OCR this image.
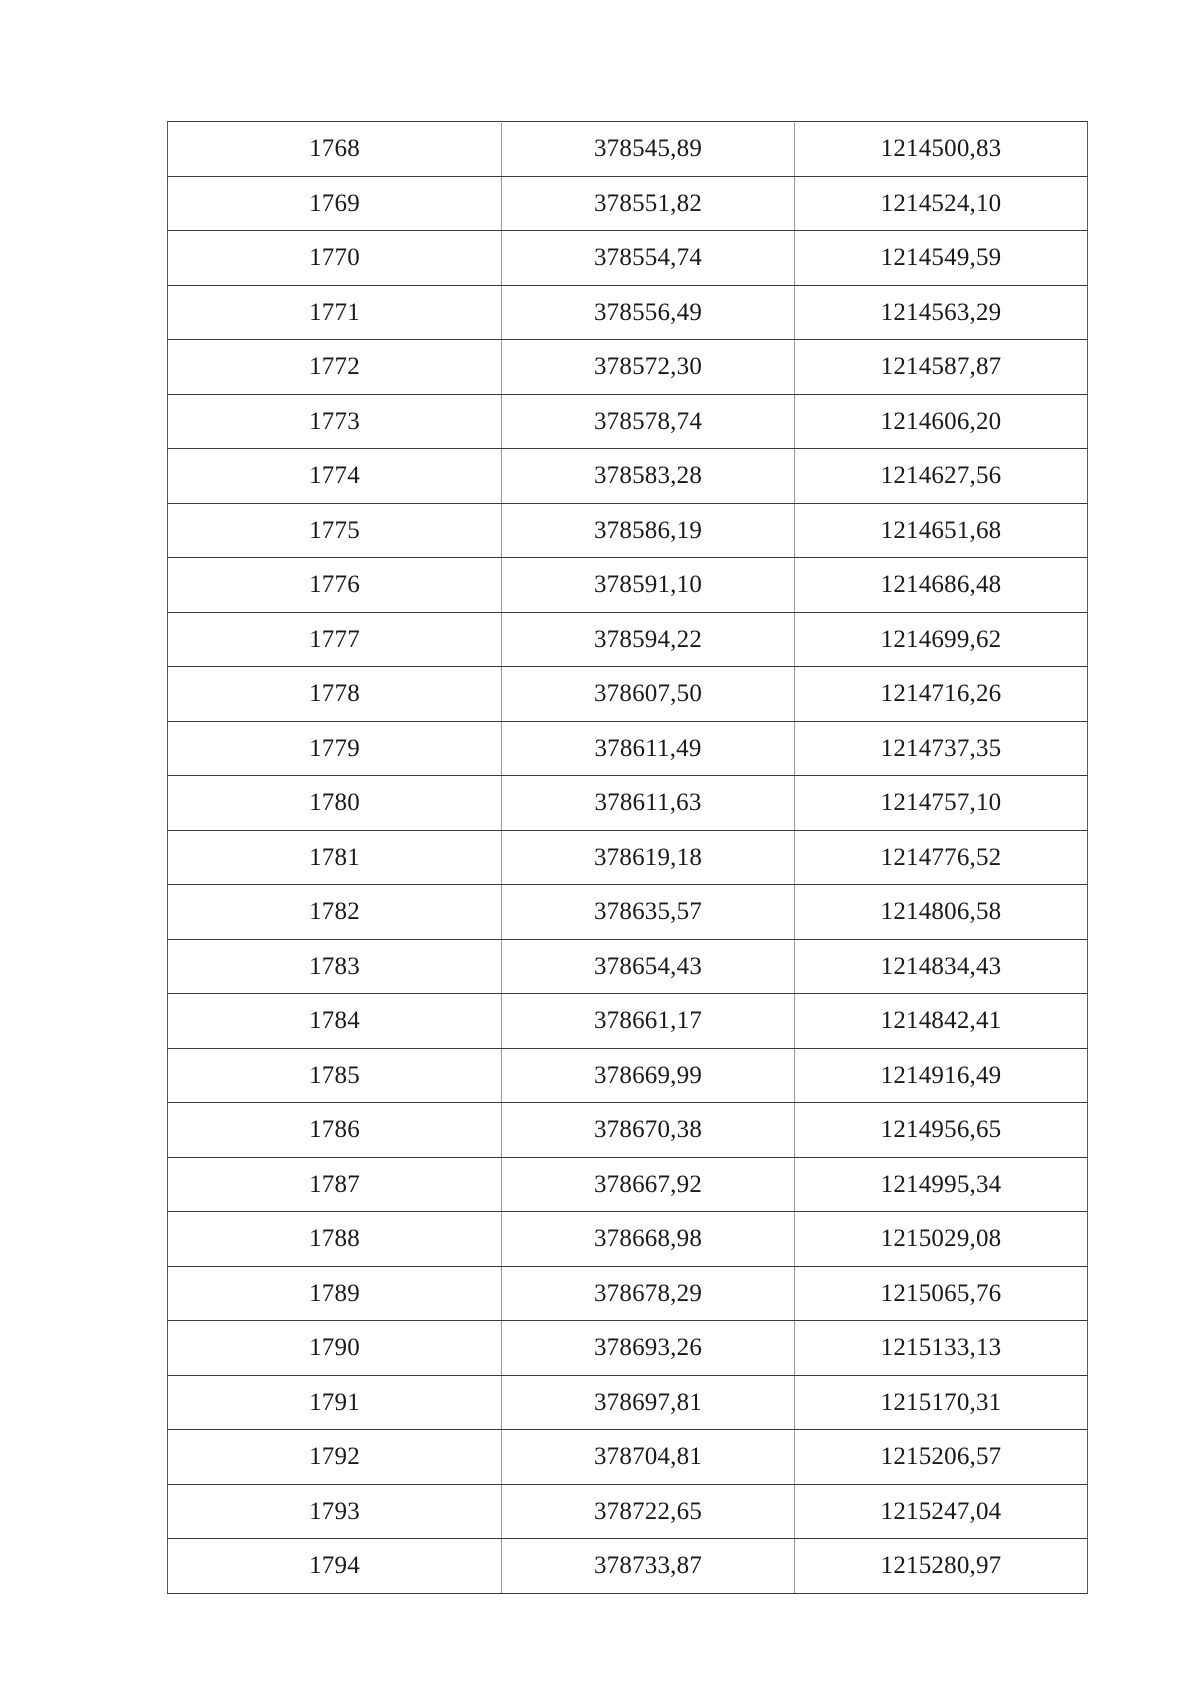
1768	378545,89	1214500,83
1769	378551,82	1214524,10
1770	378554,74	1214549,59
1771	378556,49	1214563,29
1772	378572,30	1214587,87
1773	378578,74	1214606,20
1774	378583,28	1214627,56
1775	378586,19	1214651,68
1776	378591,10	1214686,48
1777	378594,22	1214699,62
1778	378607,50	1214716,26
1779	378611,49	1214737,35
1780	378611,63	1214757,10
1781	378619,18	1214776,52
1782	378635,57	1214806,58
1783	378654,43	1214834,43
1784	378661,17	1214842,41
1785	378669,99	1214916,49
1786	378670,38	1214956,65
1787	378667,92	1214995,34
1788	378668,98	1215029,08
1789	378678,29	1215065,76
1790	378693,26	1215133,13
1791	378697,81	1215170,31
1792	378704,81	1215206,57
1793	378722,65	1215247,04
1794	378733,87	1215280,97
